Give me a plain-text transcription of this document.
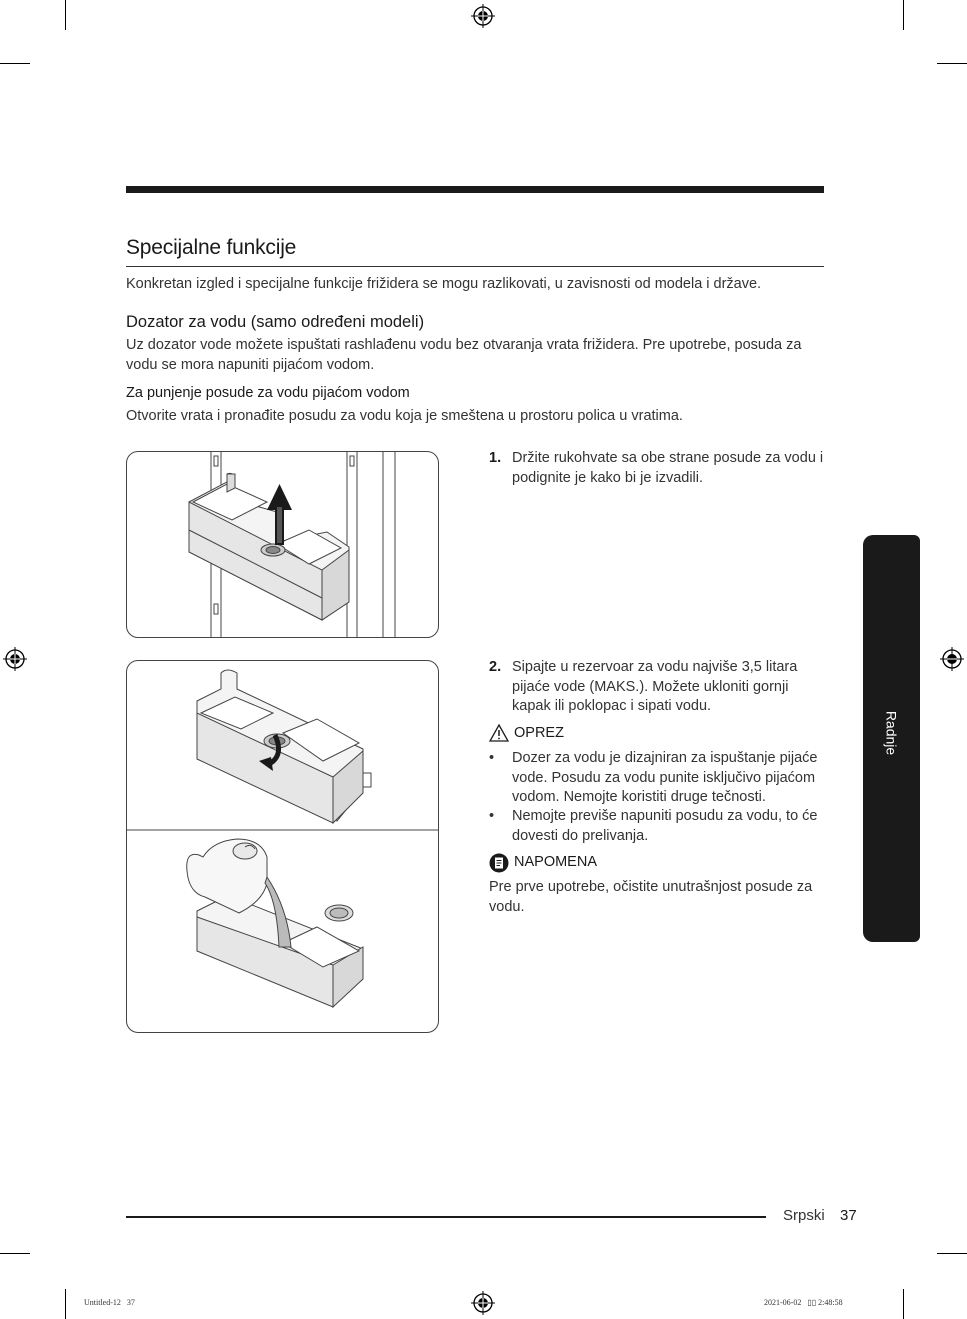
Specijalne funkcije
Konkretan izgled i specijalne funkcije frižidera se mogu razlikovati, u zavisnosti od modela i države.
Dozator za vodu (samo određeni modeli)
Uz dozator vode možete ispuštati rashlađenu vodu bez otvaranja vrata frižidera. Pre upotrebe, posuda za vodu se mora napuniti pijaćom vodom.
Za punjenje posude za vodu pijaćom vodom
Otvorite vrata i pronađite posudu za vodu koja je smeštena u prostoru polica u vratima.
1. Držite rukohvate sa obe strane posude za vodu i podignite je kako bi je izvadili.
2. Sipajte u rezervoar za vodu najviše 3,5 litara pijaće vode (MAKS.). Možete ukloniti gornji kapak ili poklopac i sipati vodu.
OPREZ
• Dozer za vodu je dizajniran za ispuštanje pijaće vode. Posudu za vodu punite isključivo pijaćom vodom. Nemojte koristiti druge tečnosti.
• Nemojte previše napuniti posudu za vodu, to će dovesti do prelivanja.
NAPOMENA
Pre prve upotrebe, očistite unutrašnjost posude za vodu.
Radnje
Srpski 37
Untitled-12   37	2021-06-02   ▯▯ 2:48:58
